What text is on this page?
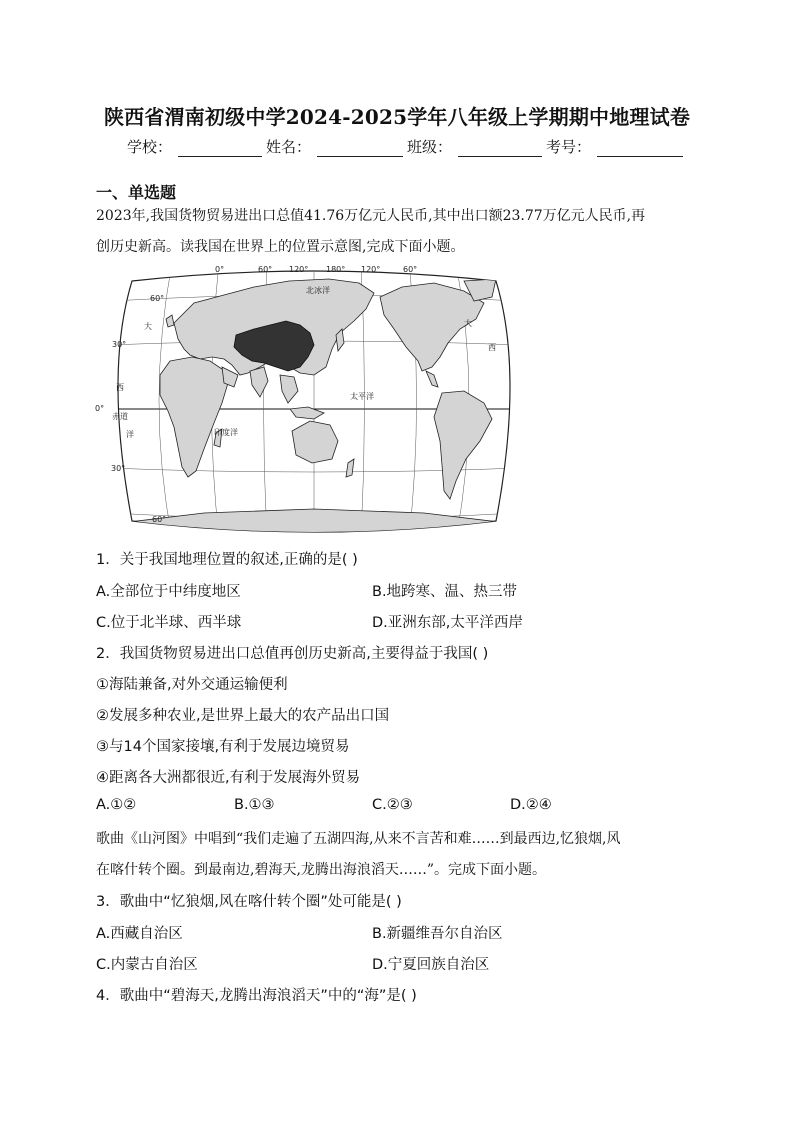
陕西省渭南初级中学2024-2025学年八年级上学期期中地理试卷
学校：	姓名：	班级：	考号：
一、单选题
2023年,我国货物贸易进出口总值41.76万亿元人民币,其中出口额23.77万亿元人民币,再
创历史新高。读我国在世界上的位置示意图,完成下面小题。
0°	60° 120° 180° 120°	60°
60°
30°
0°
30°
60°
北冰洋
太平洋
印度洋
大
西
赤道
洋
大
西
1．关于我国地理位置的叙述,正确的是( )
A.全部位于中纬度地区	B.地跨寒、温、热三带
C.位于北半球、西半球	D.亚洲东部,太平洋西岸
2．我国货物贸易进出口总值再创历史新高,主要得益于我国( )
①海陆兼备,对外交通运输便利
②发展多种农业,是世界上最大的农产品出口国
③与14个国家接壤,有利于发展边境贸易
④距离各大洲都很近,有利于发展海外贸易
A.①②	B.①③	C.②③	D.②④
歌曲《山河图》中唱到“我们走遍了五湖四海,从来不言苦和难……到最西边,忆狼烟,风
在喀什转个圈。到最南边,碧海天,龙腾出海浪滔天……”。完成下面小题。
3．歌曲中“忆狼烟,风在喀什转个圈”处可能是( )
A.西藏自治区	B.新疆维吾尔自治区
C.内蒙古自治区	D.宁夏回族自治区
4．歌曲中“碧海天,龙腾出海浪滔天”中的“海”是( )
